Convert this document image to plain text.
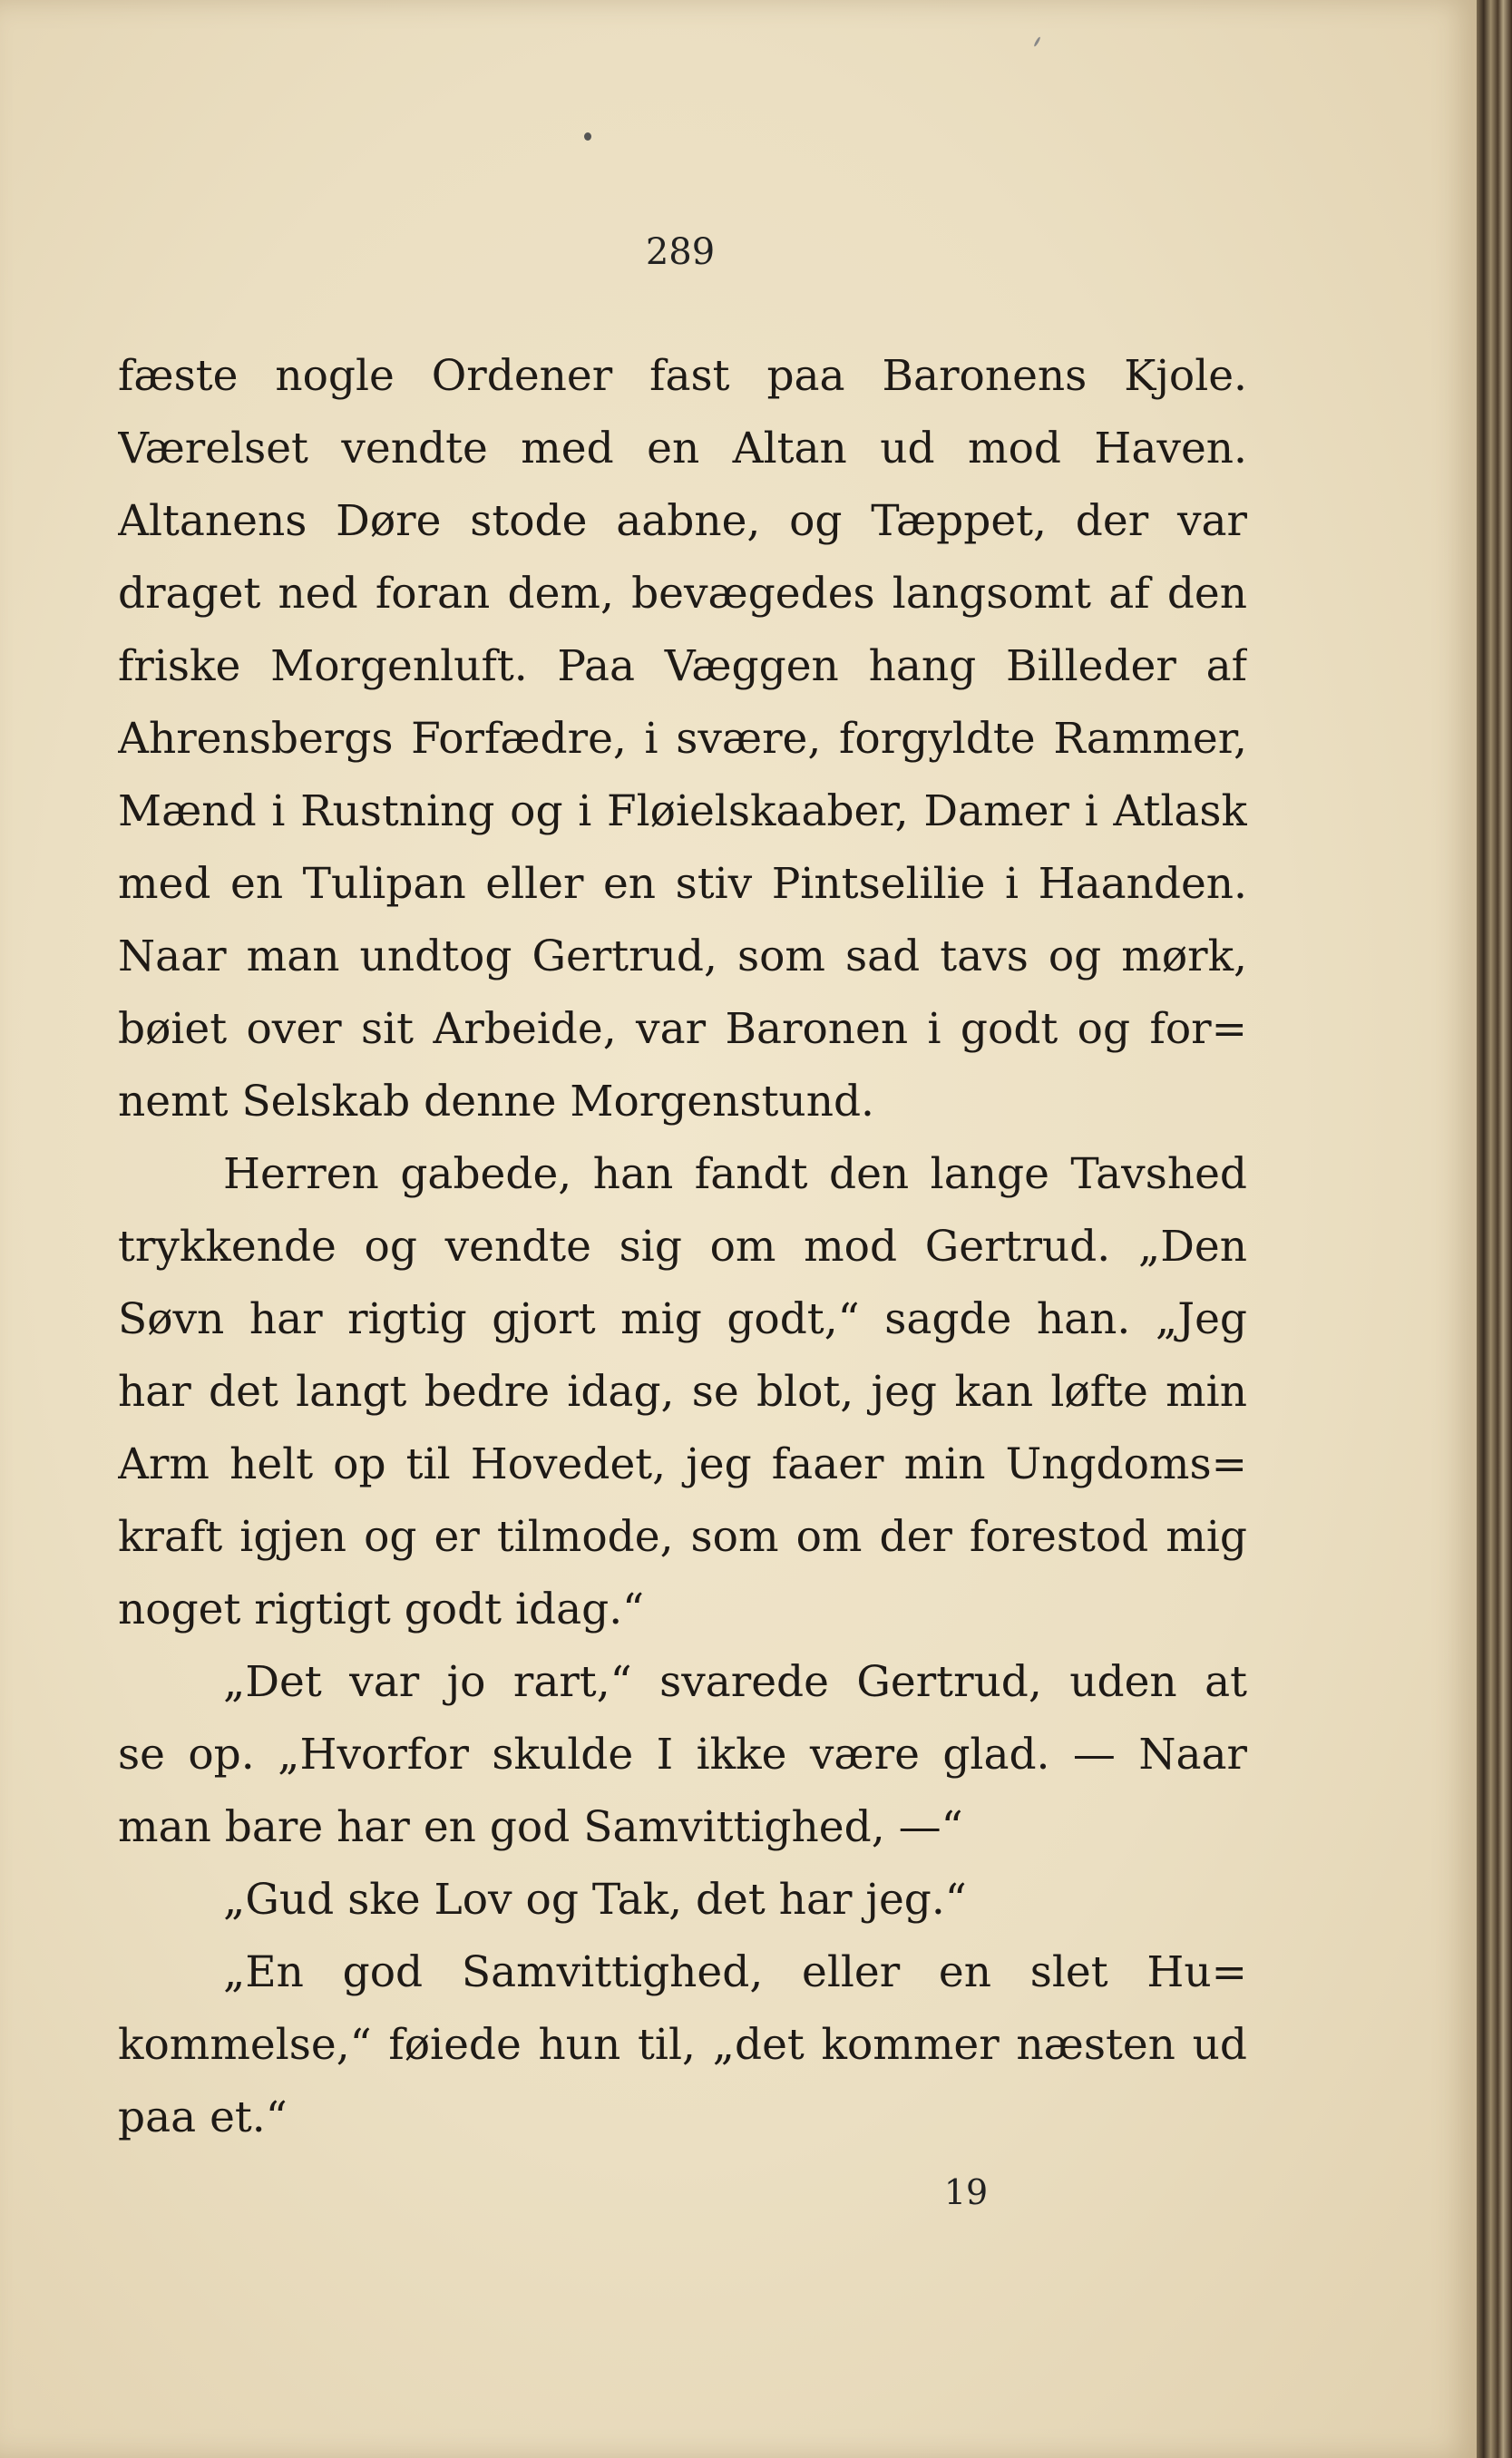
289
fæste nogle Ordener fast paa Baronens Kjole.
Værelset vendte med en Altan ud mod Haven.
Altanens Døre stode aabne, og Tæppet, der var
draget ned foran dem, bevægedes langsomt af den
friske Morgenluft. Paa Væggen hang Billeder af
Ahrensbergs Forfædre, i svære, forgyldte Rammer,
Mænd i Rustning og i Fløielskaaber, Damer i Atlask
med en Tulipan eller en stiv Pintselilie i Haanden.
Naar man undtog Gertrud, som sad tavs og mørk,
bøiet over sit Arbeide, var Baronen i godt og for=
nemt Selskab denne Morgenstund.
Herren gabede, han fandt den lange Tavshed
trykkende og vendte sig om mod Gertrud. „Den
Søvn har rigtig gjort mig godt,“ sagde han. „Jeg
har det langt bedre idag, se blot, jeg kan løfte min
Arm helt op til Hovedet, jeg faaer min Ungdoms=
kraft igjen og er tilmode, som om der forestod mig
noget rigtigt godt idag.“
„Det var jo rart,“ svarede Gertrud, uden at
se op. „Hvorfor skulde I ikke være glad. — Naar
man bare har en god Samvittighed, —“
„Gud ske Lov og Tak, det har jeg.“
„En god Samvittighed, eller en slet Hu=
kommelse,“ føiede hun til, „det kommer næsten ud
paa et.“
19
